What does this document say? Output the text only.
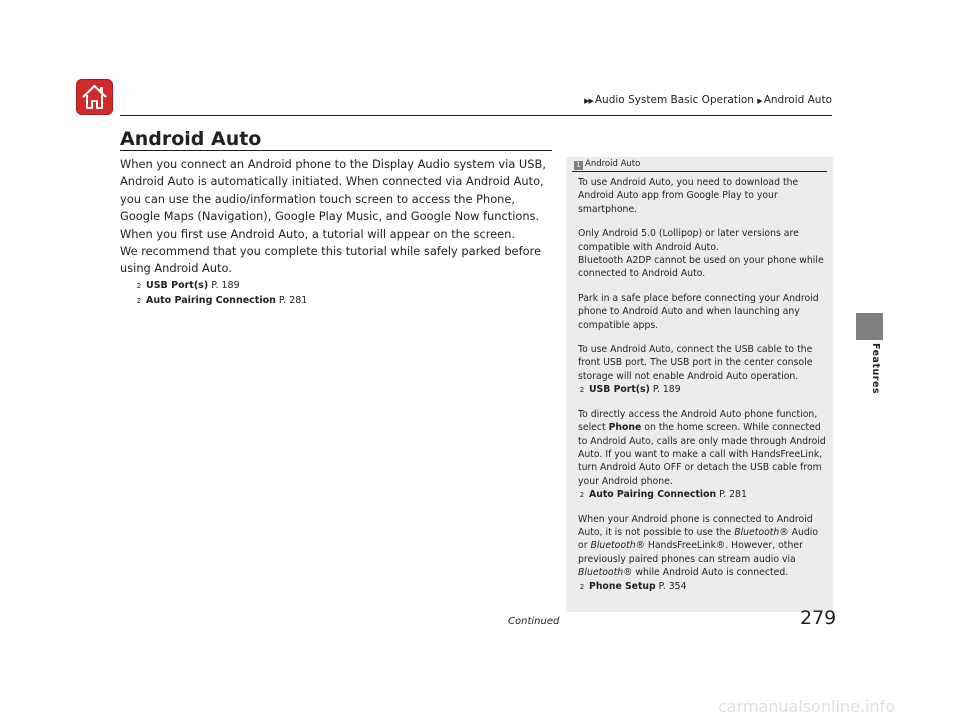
▶▶ Audio System Basic Operation ▶ Android Auto
Features
Android Auto

When you connect an Android phone to the Display Audio system via USB, Android Auto is automatically initiated. When connected via Android Auto, you can use the audio/information touch screen to access the Phone, Google Maps (Navigation), Google Play Music, and Google Now functions. When you first use Android Auto, a tutorial will appear on the screen.

We recommend that you complete this tutorial while safely parked before using Android Auto.

2 USB Port(s) P. 189
2 Auto Pairing Connection P. 281
1 Android Auto

To use Android Auto, you need to download the Android Auto app from Google Play to your smartphone.

Only Android 5.0 (Lollipop) or later versions are compatible with Android Auto.

Bluetooth A2DP cannot be used on your phone while connected to Android Auto.

Park in a safe place before connecting your Android phone to Android Auto and when launching any compatible apps.

To use Android Auto, connect the USB cable to the front USB port. The USB port in the center console storage will not enable Android Auto operation.

2 USB Port(s) P. 189

To directly access the Android Auto phone function, select Phone on the home screen. While connected to Android Auto, calls are only made through Android Auto. If you want to make a call with HandsFreeLink, turn Android Auto OFF or detach the USB cable from your Android phone.

2 Auto Pairing Connection P. 281

When your Android phone is connected to Android Auto, it is not possible to use the Bluetooth® Audio or Bluetooth® HandsFreeLink®. However, other previously paired phones can stream audio via Bluetooth® while Android Auto is connected.

2 Phone Setup P. 354

Continued	279
carmanualsonline.info
